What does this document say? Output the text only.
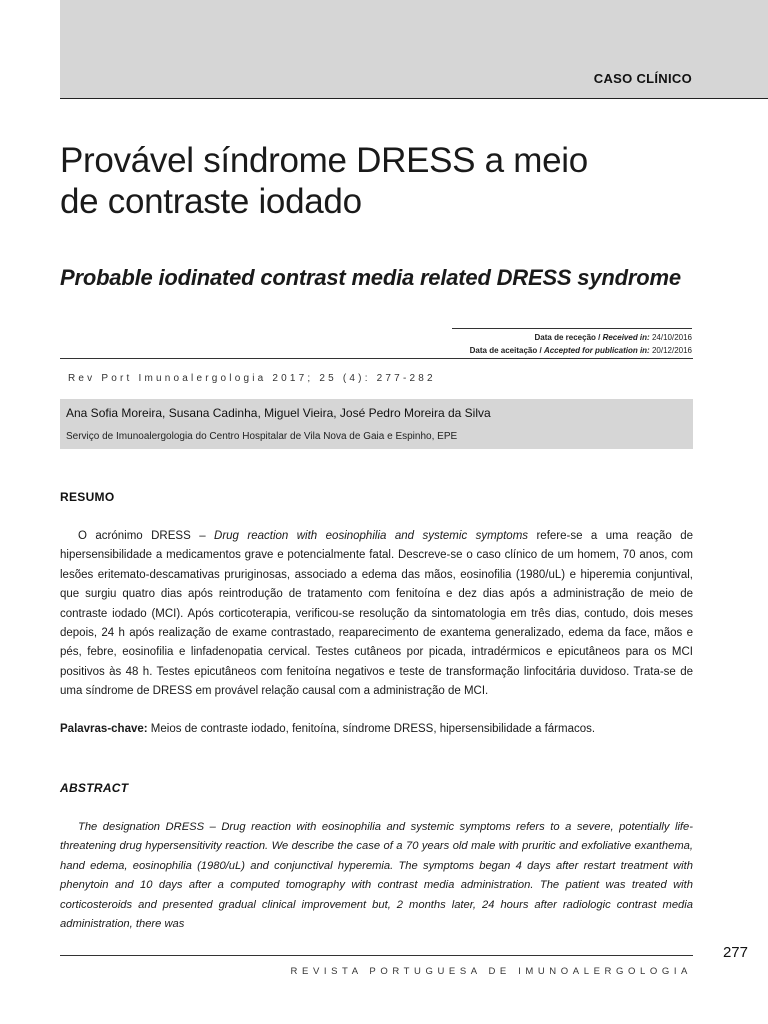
CASO CLÍNICO
Provável síndrome DRESS a meio
de contraste iodado
Probable iodinated contrast media related DRESS syndrome
Data de receção / Received in: 24/10/2016
Data de aceitação / Accepted for publication in: 20/12/2016
Rev Port Imunoalergologia 2017; 25 (4): 277-282
Ana Sofia Moreira, Susana Cadinha, Miguel Vieira, José Pedro Moreira da Silva
Serviço de Imunoalergologia do Centro Hospitalar de Vila Nova de Gaia e Espinho, EPE
RESUMO

O acrónimo DRESS – Drug reaction with eosinophilia and systemic symptoms refere-se a uma reação de hipersensibilidade a medicamentos grave e potencialmente fatal. Descreve-se o caso clínico de um homem, 70 anos, com lesões eritemato-descamativas pruriginosas, associado a edema das mãos, eosinofilia (1980/uL) e hiperemia conjuntival, que surgiu quatro dias após reintrodução de tratamento com fenitoína e dez dias após a administração de meio de contraste iodado (MCI). Após corticoterapia, verificou-se resolução da sintomatologia em três dias, contudo, dois meses depois, 24 h após realização de exame contrastado, reaparecimento de exantema generalizado, edema da face, mãos e pés, febre, eosinofilia e linfadenopatia cervical. Testes cutâneos por picada, intradérmicos e epicutâneos para os MCI positivos às 48 h. Testes epicutâneos com fenitoína negativos e teste de transformação linfocitária duvidoso. Trata-se de uma síndrome de DRESS em provável relação causal com a administração de MCI.

Palavras-chave: Meios de contraste iodado, fenitoína, síndrome DRESS, hipersensibilidade a fármacos.
ABSTRACT

The designation DRESS – Drug reaction with eosinophilia and systemic symptoms refers to a severe, potentially life-threatening drug hypersensitivity reaction. We describe the case of a 70 years old male with pruritic and exfoliative exanthema, hand edema, eosinophilia (1980/uL) and conjunctival hyperemia. The symptoms began 4 days after restart treatment with phenytoin and 10 days after a computed tomography with contrast media administration. The patient was treated with corticosteroids and presented gradual clinical improvement but, 2 months later, 24 hours after radiologic contrast media administration, there was

277
REVISTA PORTUGUESA DE IMUNOALERGOLOGIA
